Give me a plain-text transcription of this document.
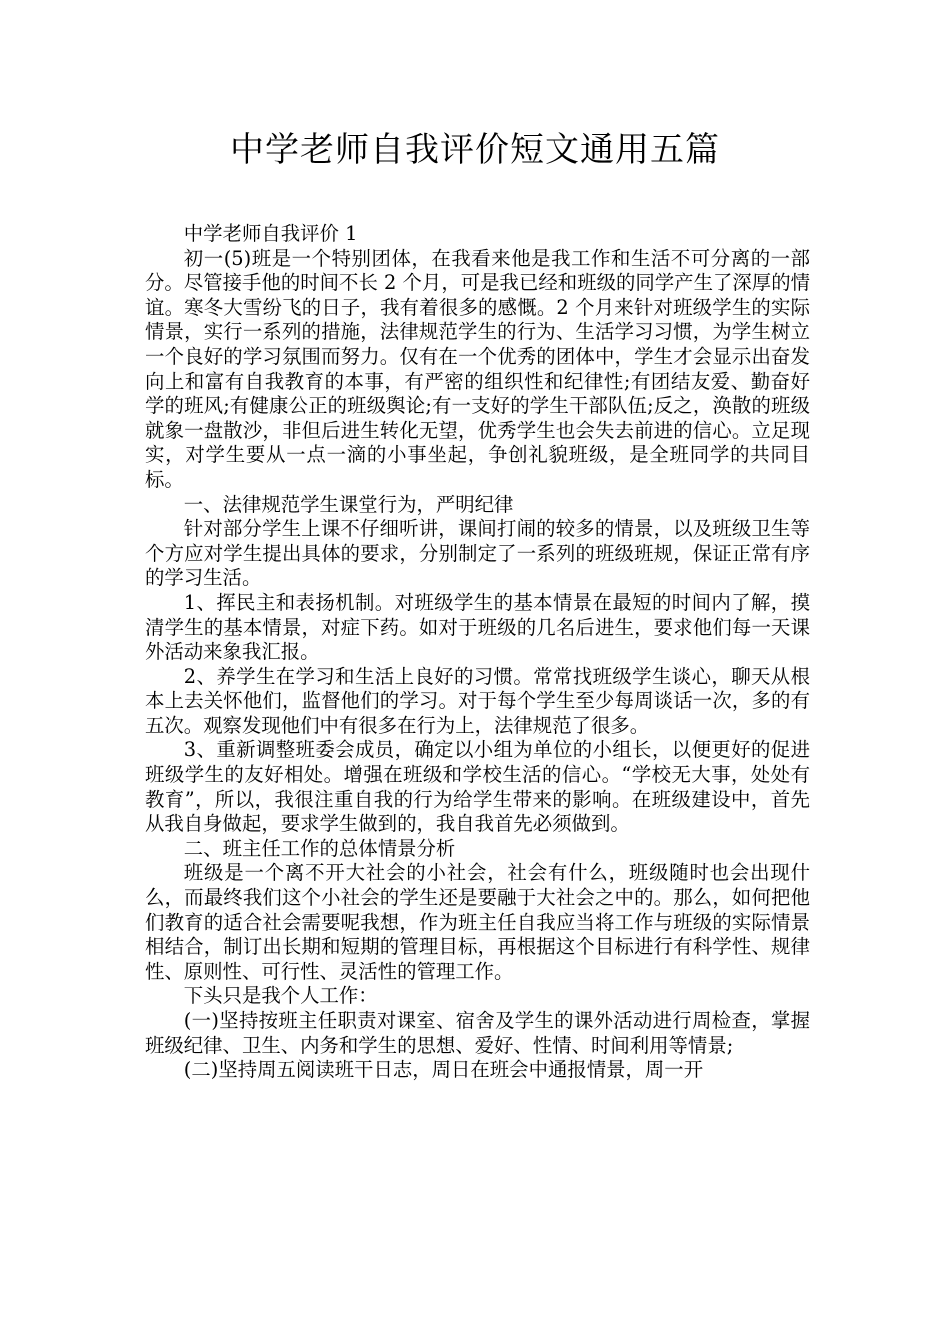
中学老师自我评价短文通用五篇

中学老师自我评价 1

初一(5)班是一个特别团体，在我看来他是我工作和生活不可分离的一部分。尽管接手他的时间不长 2 个月，可是我已经和班级的同学产生了深厚的情谊。寒冬大雪纷飞的日子，我有着很多的感慨。2 个月来针对班级学生的实际情景，实行一系列的措施，法律规范学生的行为、生活学习习惯，为学生树立一个良好的学习氛围而努力。仅有在一个优秀的团体中，学生才会显示出奋发向上和富有自我教育的本事，有严密的组织性和纪律性;有团结友爱、勤奋好学的班风;有健康公正的班级舆论;有一支好的学生干部队伍;反之，涣散的班级就象一盘散沙，非但后进生转化无望，优秀学生也会失去前进的信心。立足现实，对学生要从一点一滴的小事坐起，争创礼貌班级，是全班同学的共同目标。

一、法律规范学生课堂行为，严明纪律

针对部分学生上课不仔细听讲，课间打闹的较多的情景，以及班级卫生等个方应对学生提出具体的要求，分别制定了一系列的班级班规，保证正常有序的学习生活。

1、挥民主和表扬机制。对班级学生的基本情景在最短的时间内了解，摸清学生的基本情景，对症下药。如对于班级的几名后进生，要求他们每一天课外活动来象我汇报。

2、养学生在学习和生活上良好的习惯。常常找班级学生谈心，聊天从根本上去关怀他们，监督他们的学习。对于每个学生至少每周谈话一次，多的有五次。观察发现他们中有很多在行为上，法律规范了很多。

3、重新调整班委会成员，确定以小组为单位的小组长，以便更好的促进班级学生的友好相处。增强在班级和学校生活的信心。“学校无大事，处处有教育”，所以，我很注重自我的行为给学生带来的影响。在班级建设中，首先从我自身做起，要求学生做到的，我自我首先必须做到。

二、班主任工作的总体情景分析

班级是一个离不开大社会的小社会，社会有什么，班级随时也会出现什么，而最终我们这个小社会的学生还是要融于大社会之中的。那么，如何把他们教育的适合社会需要呢我想，作为班主任自我应当将工作与班级的实际情景相结合，制订出长期和短期的管理目标，再根据这个目标进行有科学性、规律性、原则性、可行性、灵活性的管理工作。

下头只是我个人工作：

(一)坚持按班主任职责对课室、宿舍及学生的课外活动进行周检查，掌握班级纪律、卫生、内务和学生的思想、爱好、性情、时间利用等情景;

(二)坚持周五阅读班干日志，周日在班会中通报情景，周一开
